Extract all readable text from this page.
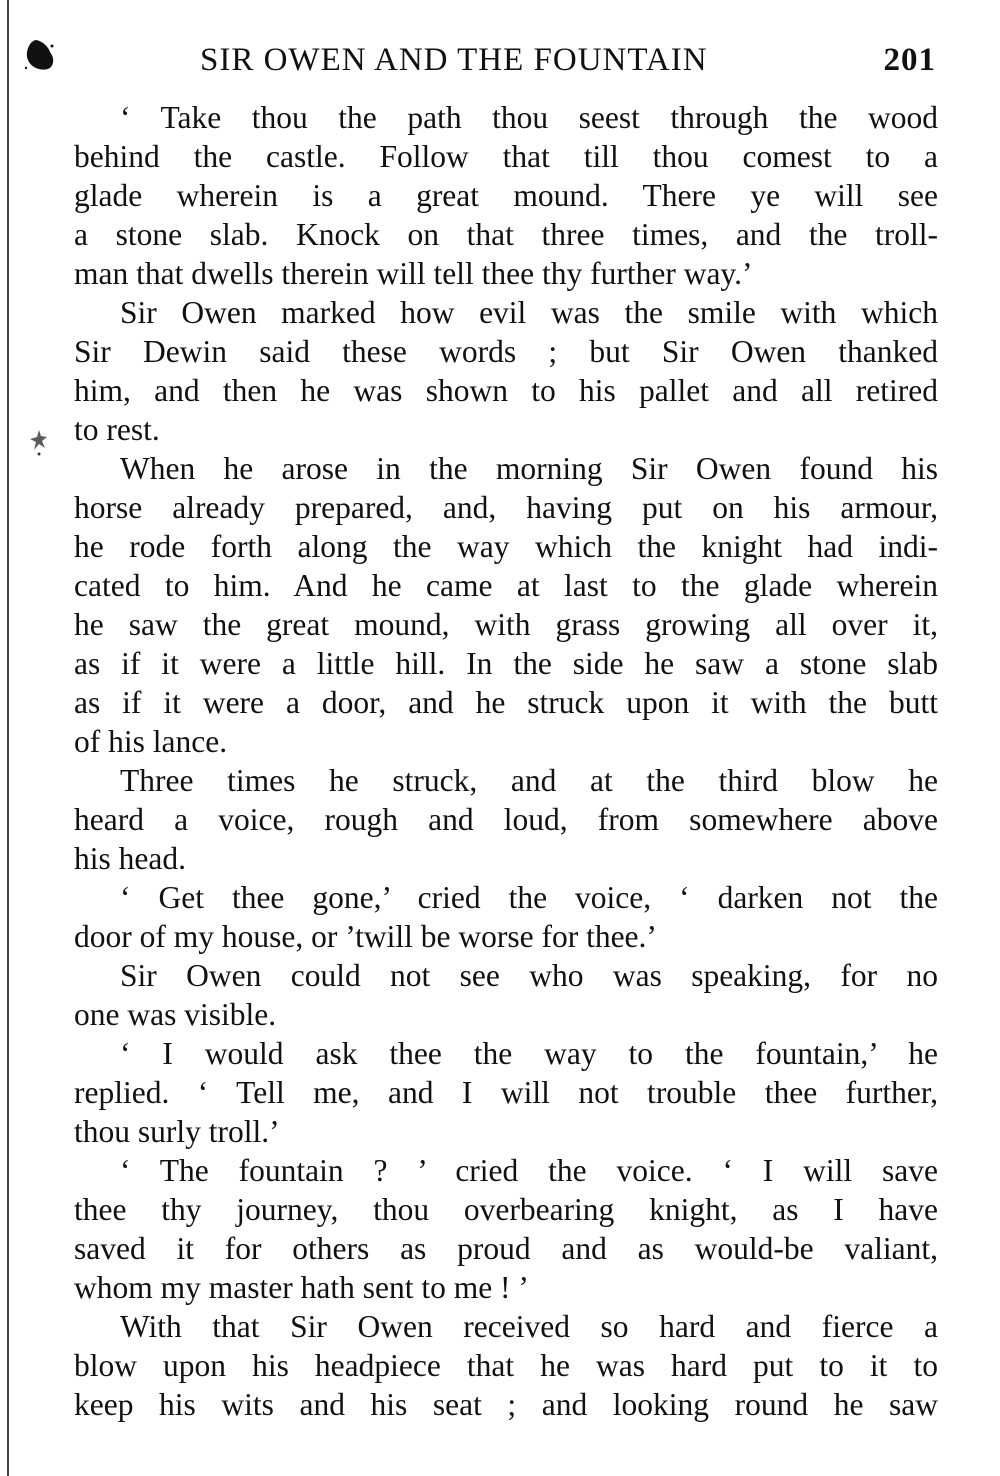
SIR OWEN AND THE FOUNTAIN	201
‘ Take thou the path thou seest through the wood
behind the castle. Follow that till thou comest to a
glade wherein is a great mound. There ye will see
a stone slab. Knock on that three times, and the troll-
man that dwells therein will tell thee thy further way.’
Sir Owen marked how evil was the smile with which
Sir Dewin said these words ; but Sir Owen thanked
him, and then he was shown to his pallet and all retired
to rest.
When he arose in the morning Sir Owen found his
horse already prepared, and, having put on his armour,
he rode forth along the way which the knight had indi-
cated to him. And he came at last to the glade wherein
he saw the great mound, with grass growing all over it,
as if it were a little hill. In the side he saw a stone slab
as if it were a door, and he struck upon it with the butt
of his lance.
Three times he struck, and at the third blow he
heard a voice, rough and loud, from somewhere above
his head.
‘ Get thee gone,’ cried the voice, ‘ darken not the
door of my house, or ’twill be worse for thee.’
Sir Owen could not see who was speaking, for no
one was visible.
‘ I would ask thee the way to the fountain,’ he
replied. ‘ Tell me, and I will not trouble thee further,
thou surly troll.’
‘ The fountain ? ’ cried the voice. ‘ I will save
thee thy journey, thou overbearing knight, as I have
saved it for others as proud and as would-be valiant,
whom my master hath sent to me ! ’
With that Sir Owen received so hard and fierce a
blow upon his headpiece that he was hard put to it to
keep his wits and his seat ; and looking round he saw
